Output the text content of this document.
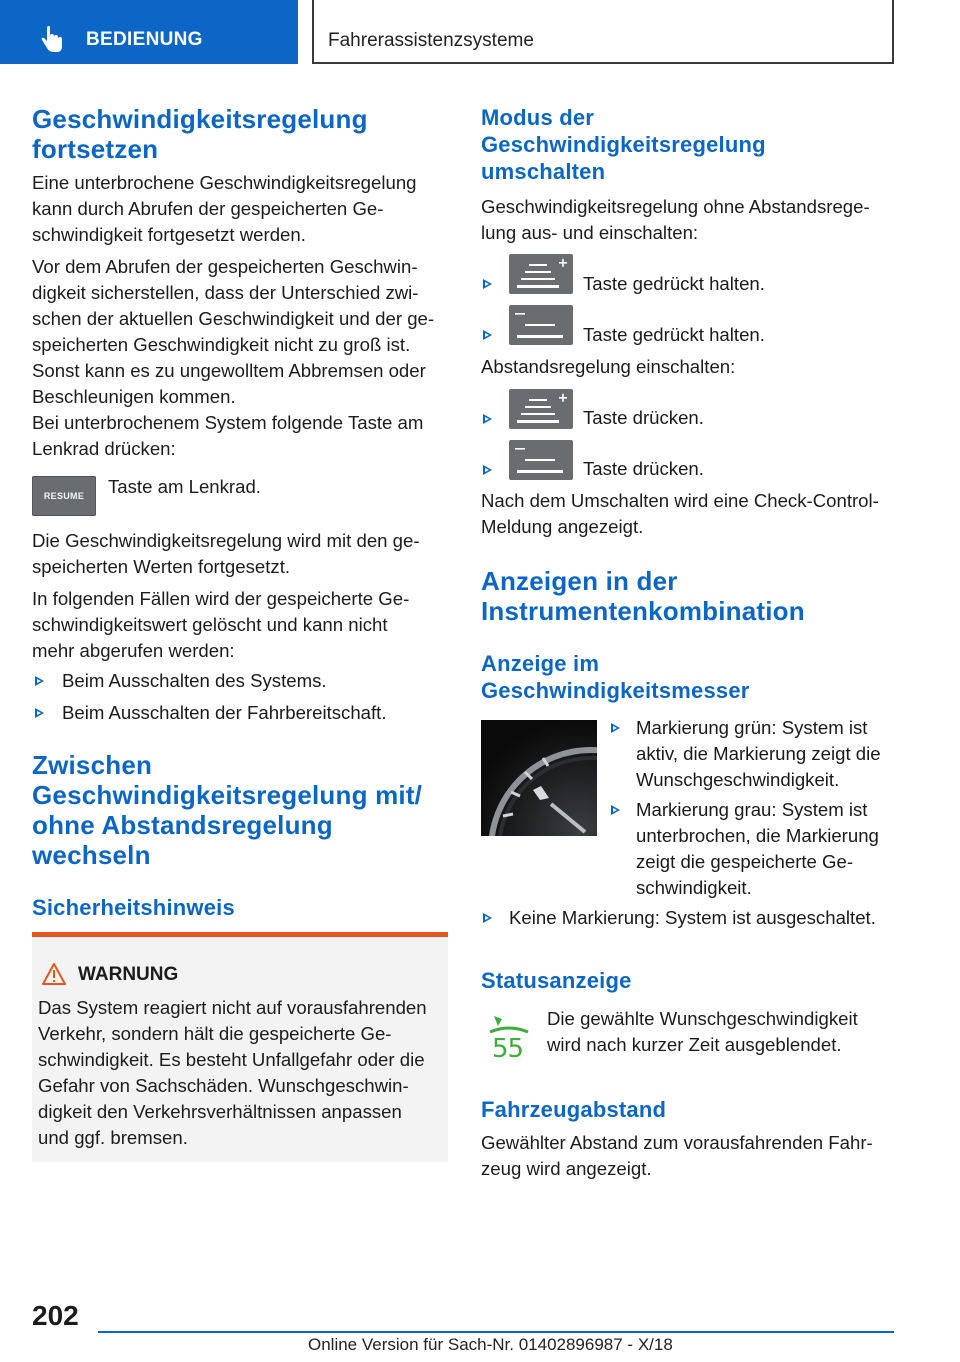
BEDIENUNG	Fahrerassistenzsysteme
Geschwindigkeitsregelung fortsetzen
Eine unterbrochene Geschwindigkeitsregelung
kann durch Abrufen der gespeicherten Ge-
schwindigkeit fortgesetzt werden.
Vor dem Abrufen der gespeicherten Geschwin-
digkeit sicherstellen, dass der Unterschied zwi-
schen der aktuellen Geschwindigkeit und der ge-
speicherten Geschwindigkeit nicht zu groß ist.
Sonst kann es zu ungewolltem Abbremsen oder
Beschleunigen kommen.
Bei unterbrochenem System folgende Taste am
Lenkrad drücken:
RESUME Taste am Lenkrad.
Die Geschwindigkeitsregelung wird mit den ge-
speicherten Werten fortgesetzt.
In folgenden Fällen wird der gespeicherte Ge-
schwindigkeitswert gelöscht und kann nicht
mehr abgerufen werden:
Beim Ausschalten des Systems.
Beim Ausschalten der Fahrbereitschaft.
Zwischen
Geschwindigkeitsregelung mit/
ohne Abstandsregelung
wechseln
Sicherheitshinweis
WARNUNG
Das System reagiert nicht auf vorausfahrenden
Verkehr, sondern hält die gespeicherte Ge-
schwindigkeit. Es besteht Unfallgefahr oder die
Gefahr von Sachschäden. Wunschgeschwin-
digkeit den Verkehrsverhältnissen anpassen
und ggf. bremsen.
Modus der
Geschwindigkeitsregelung
umschalten
Geschwindigkeitsregelung ohne Abstandsrege-
lung aus- und einschalten:
Taste gedrückt halten.
Taste gedrückt halten.
Abstandsregelung einschalten:
Taste drücken.
Taste drücken.
Nach dem Umschalten wird eine Check-Control-
Meldung angezeigt.
Anzeigen in der
Instrumentenkombination
Anzeige im
Geschwindigkeitsmesser
Markierung grün: System ist
aktiv, die Markierung zeigt die
Wunschgeschwindigkeit.
Markierung grau: System ist
unterbrochen, die Markierung
zeigt die gespeicherte Ge-
schwindigkeit.
Keine Markierung: System ist ausgeschaltet.
Statusanzeige
55
Die gewählte Wunschgeschwindigkeit
wird nach kurzer Zeit ausgeblendet.
Fahrzeugabstand
Gewählter Abstand zum vorausfahrenden Fahr-
zeug wird angezeigt.
202
Online Version für Sach-Nr. 01402896987 - X/18
